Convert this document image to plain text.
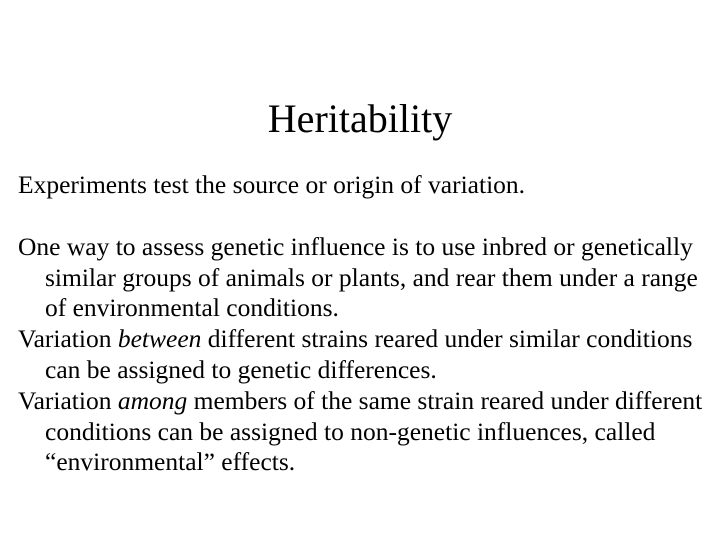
Heritability

Experiments test the source or origin of variation.

One way to assess genetic influence is to use inbred or genetically similar groups of animals or plants, and rear them under a range of environmental conditions.

Variation between different strains reared under similar conditions can be assigned to genetic differences.

Variation among members of the same strain reared under different conditions can be assigned to non-genetic influences, called “environmental” effects.
